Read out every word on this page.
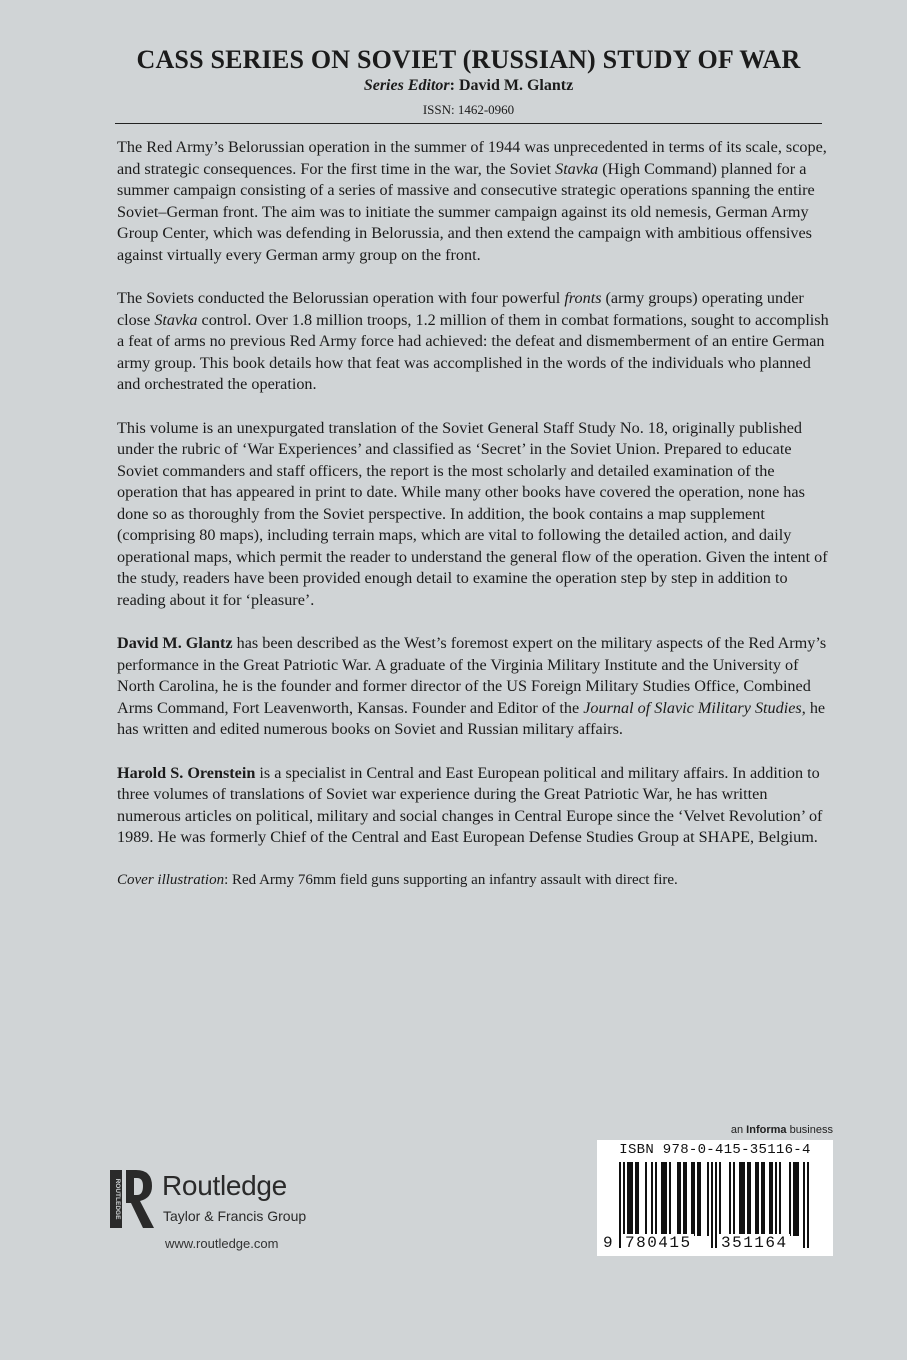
CASS SERIES ON SOVIET (RUSSIAN) STUDY OF WAR
Series Editor: David M. Glantz
ISSN: 1462-0960

The Red Army’s Belorussian operation in the summer of 1944 was unprecedented in terms of its scale, scope, and strategic consequences. For the first time in the war, the Soviet Stavka (High Command) planned for a summer campaign consisting of a series of massive and consecutive strategic operations spanning the entire Soviet–German front. The aim was to initiate the summer campaign against its old nemesis, German Army Group Center, which was defending in Belorussia, and then extend the campaign with ambitious offensives against virtually every German army group on the front.

The Soviets conducted the Belorussian operation with four powerful fronts (army groups) operating under close Stavka control. Over 1.8 million troops, 1.2 million of them in combat formations, sought to accomplish a feat of arms no previous Red Army force had achieved: the defeat and dismemberment of an entire German army group. This book details how that feat was accomplished in the words of the individuals who planned and orchestrated the operation.

This volume is an unexpurgated translation of the Soviet General Staff Study No. 18, originally published under the rubric of ‘War Experiences’ and classified as ‘Secret’ in the Soviet Union. Prepared to educate Soviet commanders and staff officers, the report is the most scholarly and detailed examination of the operation that has appeared in print to date. While many other books have covered the operation, none has done so as thoroughly from the Soviet perspective. In addition, the book contains a map supplement (comprising 80 maps), including terrain maps, which are vital to following the detailed action, and daily operational maps, which permit the reader to understand the general flow of the operation. Given the intent of the study, readers have been provided enough detail to examine the operation step by step in addition to reading about it for ‘pleasure’.

David M. Glantz has been described as the West’s foremost expert on the military aspects of the Red Army’s performance in the Great Patriotic War. A graduate of the Virginia Military Institute and the University of North Carolina, he is the founder and former director of the US Foreign Military Studies Office, Combined Arms Command, Fort Leavenworth, Kansas. Founder and Editor of the Journal of Slavic Military Studies, he has written and edited numerous books on Soviet and Russian military affairs.

Harold S. Orenstein is a specialist in Central and East European political and military affairs. In addition to three volumes of translations of Soviet war experience during the Great Patriotic War, he has written numerous articles on political, military and social changes in Central Europe since the ‘Velvet Revolution’ of 1989. He was formerly Chief of the Central and East European Defense Studies Group at SHAPE, Belgium.

Cover illustration: Red Army 76mm field guns supporting an infantry assault with direct fire.

ROUTLEDGE Routledge
Taylor & Francis Group
www.routledge.com
an Informa business
ISBN 978-0-415-35116-4
9 780415 351164
